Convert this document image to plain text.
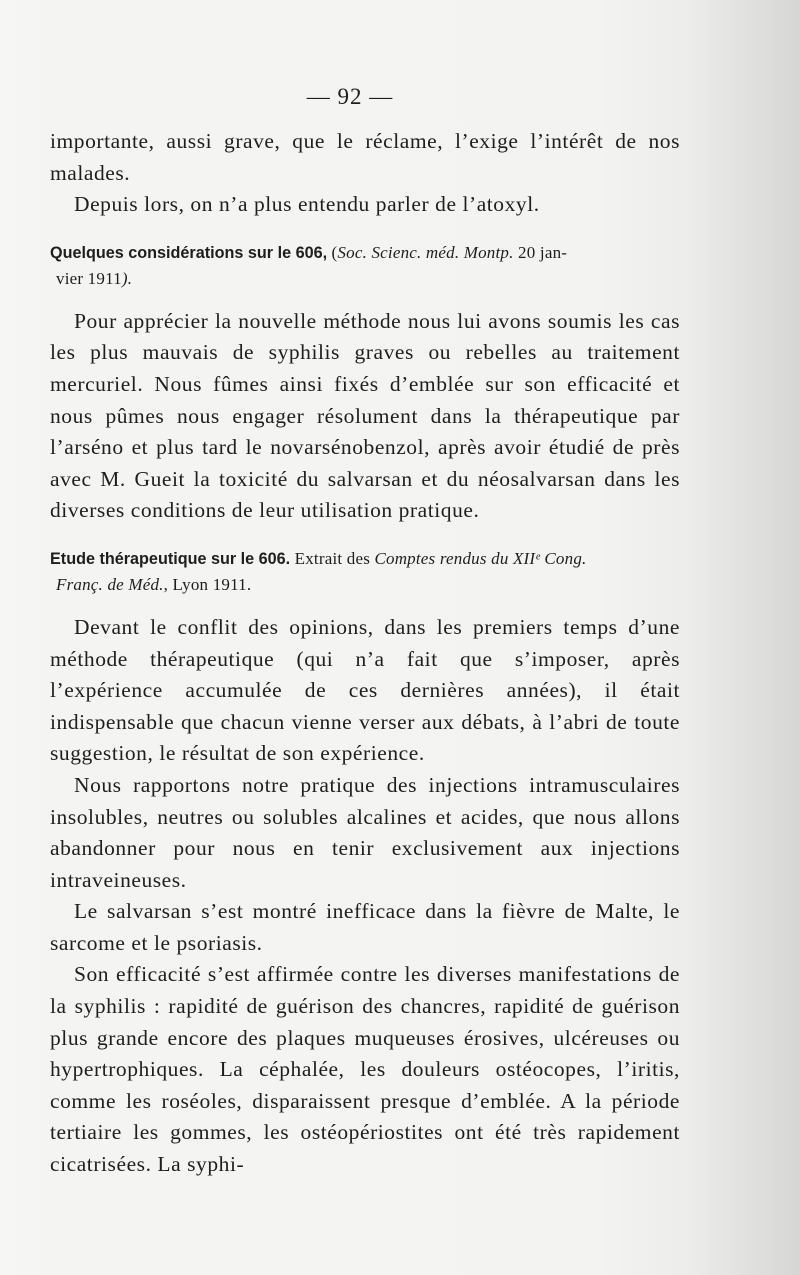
— 92 —

importante, aussi grave, que le réclame, l’exige l’intérêt de nos malades.

Depuis lors, on n’a plus entendu parler de l’atoxyl.

Quelques considérations sur le 606, (Soc. Scienc. méd. Montp. 20 jan-
vier 1911).

Pour apprécier la nouvelle méthode nous lui avons soumis les cas les plus mauvais de syphilis graves ou rebelles au traitement mercuriel. Nous fûmes ainsi fixés d’emblée sur son efficacité et nous pûmes nous engager résolument dans la thérapeutique par l’arséno et plus tard le novarsénobenzol, après avoir étudié de près avec M. Gueit la toxicité du salvarsan et du néosalvarsan dans les diverses conditions de leur utilisation pratique.

Etude thérapeutique sur le 606. Extrait des Comptes rendus du XIIᵉ Cong.
Franç. de Méd., Lyon 1911.

Devant le conflit des opinions, dans les premiers temps d’une méthode thérapeutique (qui n’a fait que s’imposer, après l’expérience accumulée de ces dernières années), il était indispensable que chacun vienne verser aux débats, à l’abri de toute suggestion, le résultat de son expérience.

Nous rapportons notre pratique des injections intramusculaires insolubles, neutres ou solubles alcalines et acides, que nous allons abandonner pour nous en tenir exclusivement aux injections intraveineuses.

Le salvarsan s’est montré inefficace dans la fièvre de Malte, le sarcome et le psoriasis.

Son efficacité s’est affirmée contre les diverses manifestations de la syphilis : rapidité de guérison des chancres, rapidité de guérison plus grande encore des plaques muqueuses érosives, ulcéreuses ou hypertrophiques. La céphalée, les douleurs ostéocopes, l’iritis, comme les roséoles, disparaissent presque d’emblée. A la période tertiaire les gommes, les ostéopériostites ont été très rapidement cicatrisées. La syphi-
